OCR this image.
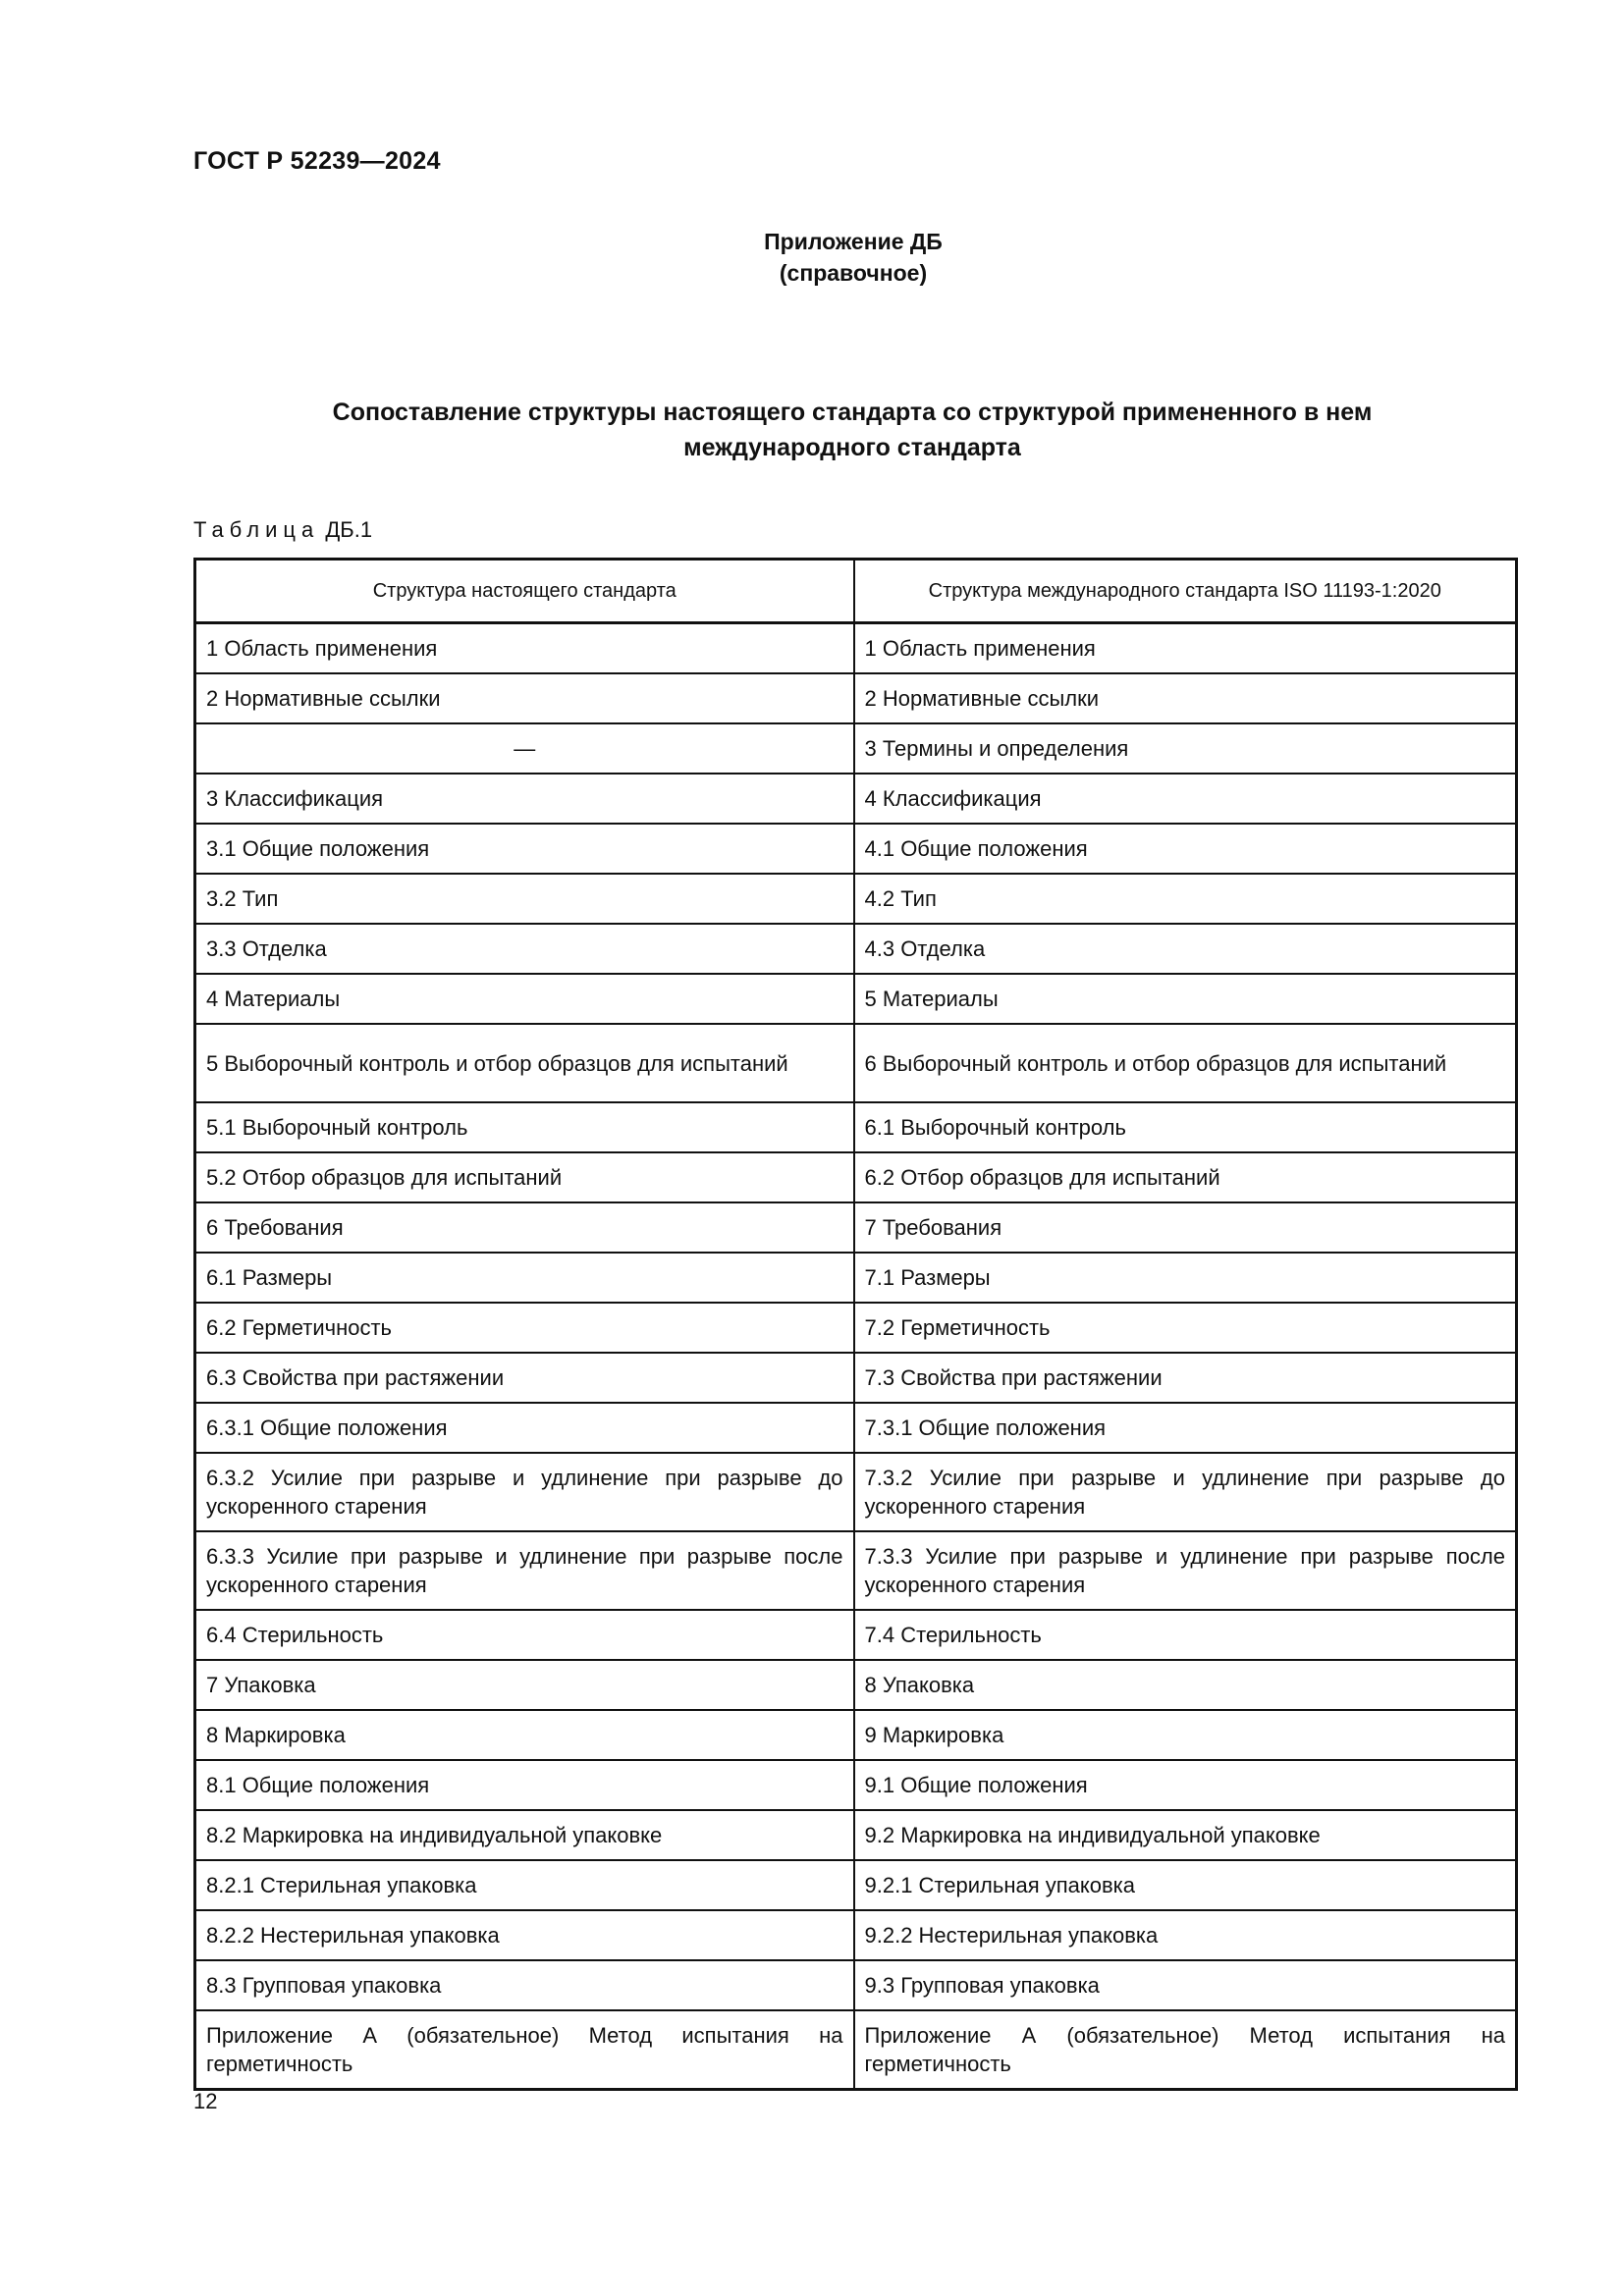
ГОСТ Р 52239—2024
Приложение ДБ
(справочное)
Сопоставление структуры настоящего стандарта со структурой примененного в нем
международного стандарта
Таблица ДБ.1
Структура настоящего стандарта	Структура международного стандарта ISO 11193-1:2020
1 Область применения	1 Область применения
2 Нормативные ссылки	2 Нормативные ссылки
—	3 Термины и определения
3 Классификация	4 Классификация
3.1 Общие положения	4.1 Общие положения
3.2 Тип	4.2 Тип
3.3 Отделка	4.3 Отделка
4 Материалы	5 Материалы
5 Выборочный контроль и отбор образцов для испытаний	6 Выборочный контроль и отбор образцов для испытаний
5.1 Выборочный контроль	6.1 Выборочный контроль
5.2 Отбор образцов для испытаний	6.2 Отбор образцов для испытаний
6 Требования	7 Требования
6.1 Размеры	7.1 Размеры
6.2 Герметичность	7.2 Герметичность
6.3 Свойства при растяжении	7.3 Свойства при растяжении
6.3.1 Общие положения	7.3.1 Общие положения
6.3.2 Усилие при разрыве и удлинение при разрыве до ускоренного старения	7.3.2 Усилие при разрыве и удлинение при разрыве до ускоренного старения
6.3.3 Усилие при разрыве и удлинение при разрыве после ускоренного старения	7.3.3 Усилие при разрыве и удлинение при разрыве после ускоренного старения
6.4 Стерильность	7.4 Стерильность
7 Упаковка	8 Упаковка
8 Маркировка	9 Маркировка
8.1 Общие положения	9.1 Общие положения
8.2 Маркировка на индивидуальной упаковке	9.2 Маркировка на индивидуальной упаковке
8.2.1 Стерильная упаковка	9.2.1 Стерильная упаковка
8.2.2 Нестерильная упаковка	9.2.2 Нестерильная упаковка
8.3 Групповая упаковка	9.3 Групповая упаковка
Приложение А (обязательное) Метод испытания на герметичность	Приложение А (обязательное) Метод испытания на герметичность
12
